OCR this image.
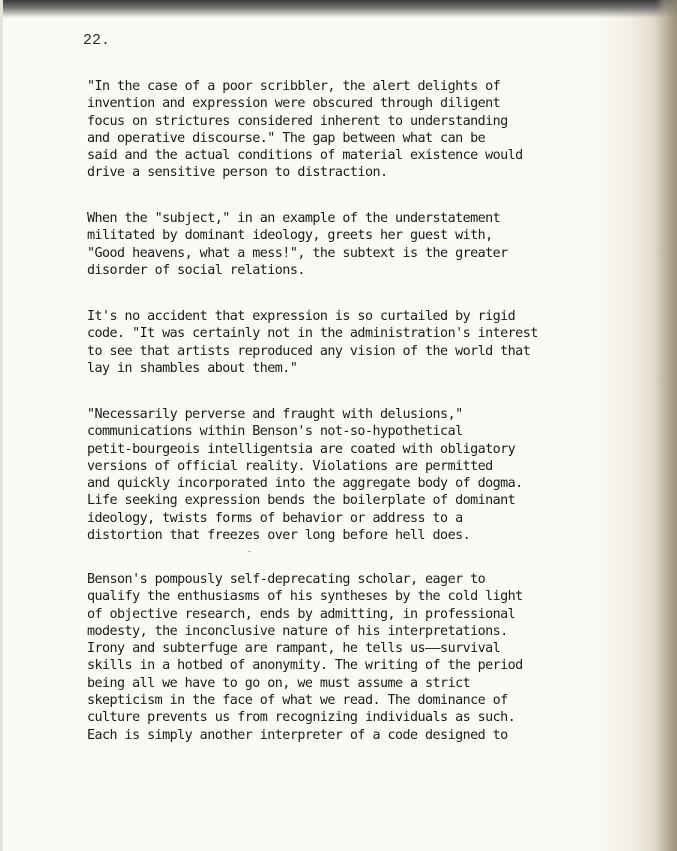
22.

"In the case of a poor scribbler, the alert delights of
invention and expression were obscured through diligent
focus on strictures considered inherent to understanding
and operative discourse." The gap between what can be
said and the actual conditions of material existence would
drive a sensitive person to distraction.

When the "subject," in an example of the understatement
militated by dominant ideology, greets her guest with,
"Good heavens, what a mess!", the subtext is the greater
disorder of social relations.

It's no accident that expression is so curtailed by rigid
code. "It was certainly not in the administration's interest
to see that artists reproduced any vision of the world that
lay in shambles about them."

"Necessarily perverse and fraught with delusions,"
communications within Benson's not-so-hypothetical
petit-bourgeois intelligentsia are coated with obligatory
versions of official reality. Violations are permitted
and quickly incorporated into the aggregate body of dogma.
Life seeking expression bends the boilerplate of dominant
ideology, twists forms of behavior or address to a
distortion that freezes over long before hell does.

Benson's pompously self-deprecating scholar, eager to
qualify the enthusiasms of his syntheses by the cold light
of objective research, ends by admitting, in professional
modesty, the inconclusive nature of his interpretations.
Irony and subterfuge are rampant, he tells us——survival
skills in a hotbed of anonymity. The writing of the period
being all we have to go on, we must assume a strict
skepticism in the face of what we read. The dominance of
culture prevents us from recognizing individuals as such.
Each is simply another interpreter of a code designed to
